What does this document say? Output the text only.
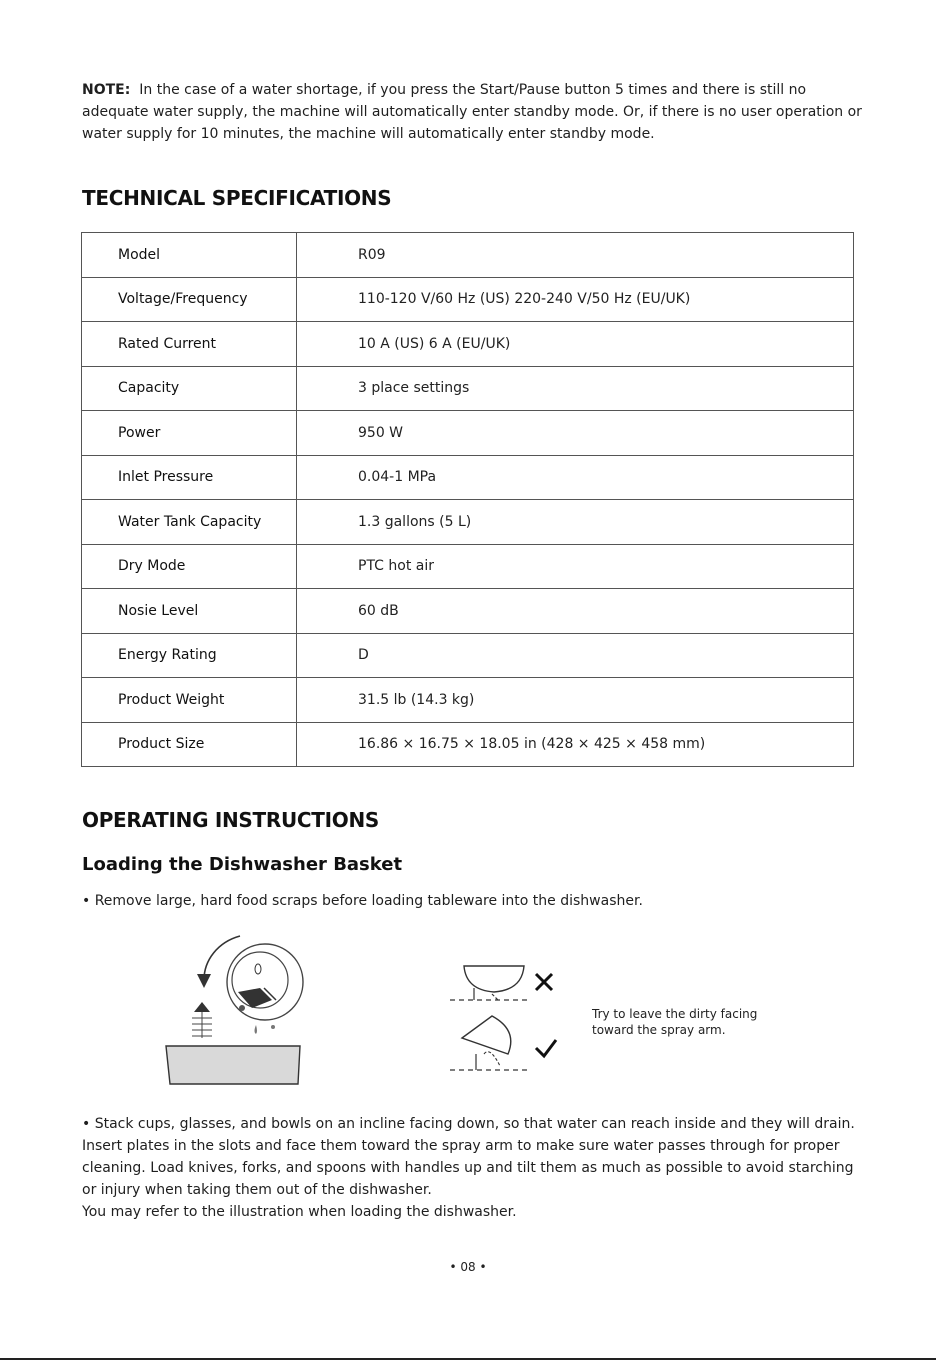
NOTE: In the case of a water shortage, if you press the Start/Pause button 5 times and there is still no adequate water supply, the machine will automatically enter standby mode. Or, if there is no user operation or water supply for 10 minutes, the machine will automatically enter standby mode.
TECHNICAL SPECIFICATIONS
Model	R09
Voltage/Frequency	110-120 V/60 Hz (US) 220-240 V/50 Hz (EU/UK)
Rated Current	10 A (US) 6 A (EU/UK)
Capacity	3 place settings
Power	950 W
Inlet Pressure	0.04-1 MPa
Water Tank Capacity	1.3 gallons (5 L)
Dry Mode	PTC hot air
Nosie Level	60 dB
Energy Rating	D
Product Weight	31.5 lb (14.3 kg)
Product Size	16.86 × 16.75 × 18.05 in (428 × 425 × 458 mm)
OPERATING INSTRUCTIONS
Loading the Dishwasher Basket
• Remove large, hard food scraps before loading tableware into the dishwasher.
Try to leave the dirty facing toward the spray arm.

• Stack cups, glasses, and bowls on an incline facing down, so that water can reach inside and they will drain. Insert plates in the slots and face them toward the spray arm to make sure water passes through for proper cleaning. Load knives, forks, and spoons with handles up and tilt them as much as possible to avoid starching or injury when taking them out of the dishwasher.

You may refer to the illustration when loading the dishwasher.

• 08 •
